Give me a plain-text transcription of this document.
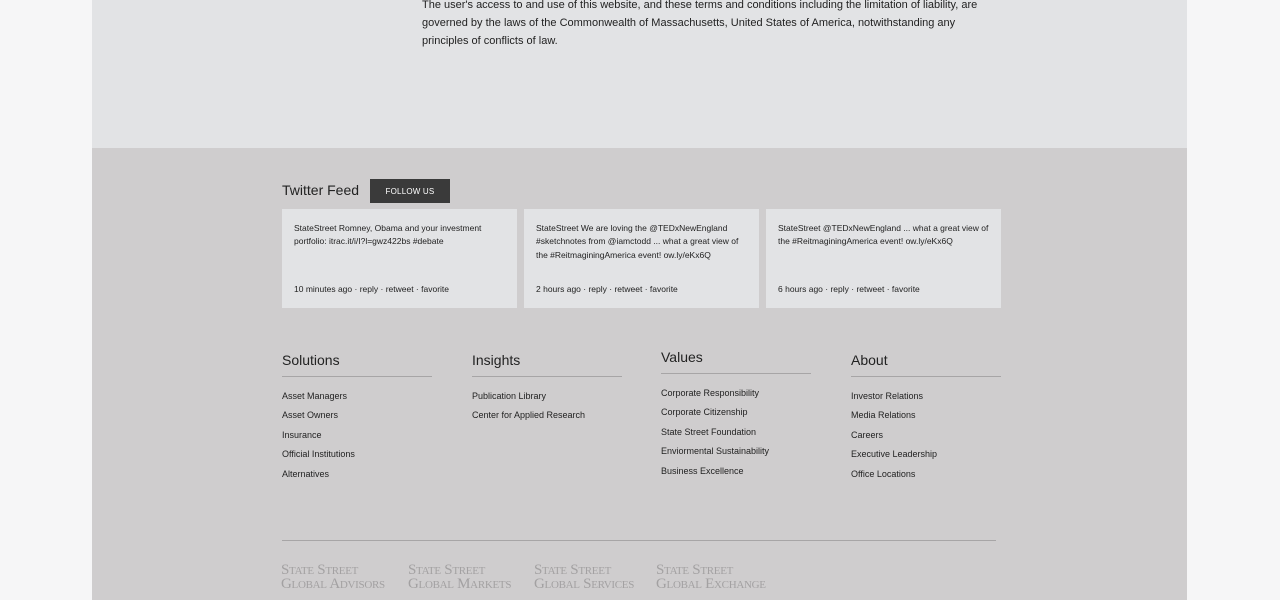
The user's access to and use of this website, and these terms and conditions including the limitation of liability, are governed by the laws of the Commonwealth of Massachusetts, United States of America, notwithstanding any principles of conflicts of law.

Twitter Feed	FOLLOW US
StateStreet Romney, Obama and your investment portfolio: itrac.it/i/I?l=gwz422bs #debate
10 minutes ago · reply · retweet · favorite
StateStreet We are loving the @TEDxNewEngland #sketchnotes from @iamctodd ... what a great view of the #ReitmaginingAmerica event! ow.ly/eKx6Q
2 hours ago · reply · retweet · favorite
StateStreet @TEDxNewEngland ... what a great view of the #ReitmaginingAmerica event! ow.ly/eKx6Q
6 hours ago · reply · retweet · favorite
Solutions
Asset Managers
Asset Owners
Insurance
Official Institutions
Alternatives
Insights
Publication Library
Center for Applied Research
Values
Corporate Responsibility
Corporate Citizenship
State Street Foundation
Enviormental Sustainability
Business Excellence
About
Investor Relations
Media Relations
Careers
Executive Leadership
Office Locations
State Street
Global Advisors
State Street
Global Markets
State Street
Global Services
State Street
Global Exchange
